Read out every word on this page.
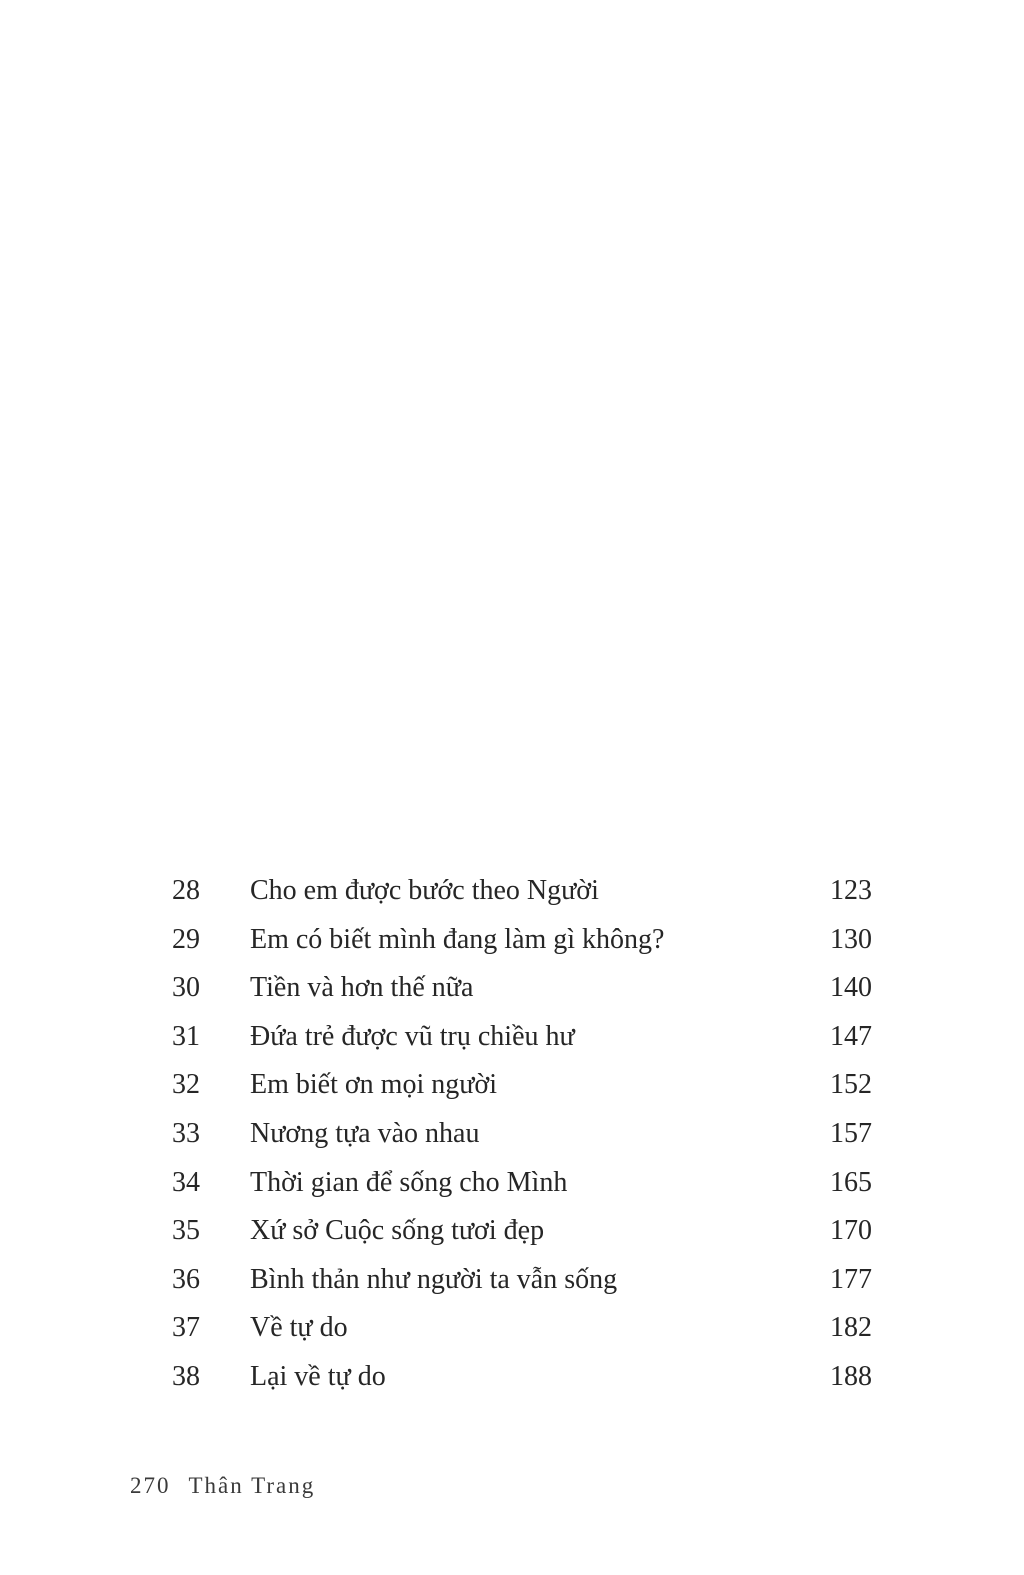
28	Cho em được bước theo Người	123
29	Em có biết mình đang làm gì không?	130
30	Tiền và hơn thế nữa	140
31	Đứa trẻ được vũ trụ chiều hư	147
32	Em biết ơn mọi người	152
33	Nương tựa vào nhau	157
34	Thời gian để sống cho Mình	165
35	Xứ sở Cuộc sống tươi đẹp	170
36	Bình thản như người ta vẫn sống	177
37	Về tự do	182
38	Lại về tự do	188
270 Thân Trang
